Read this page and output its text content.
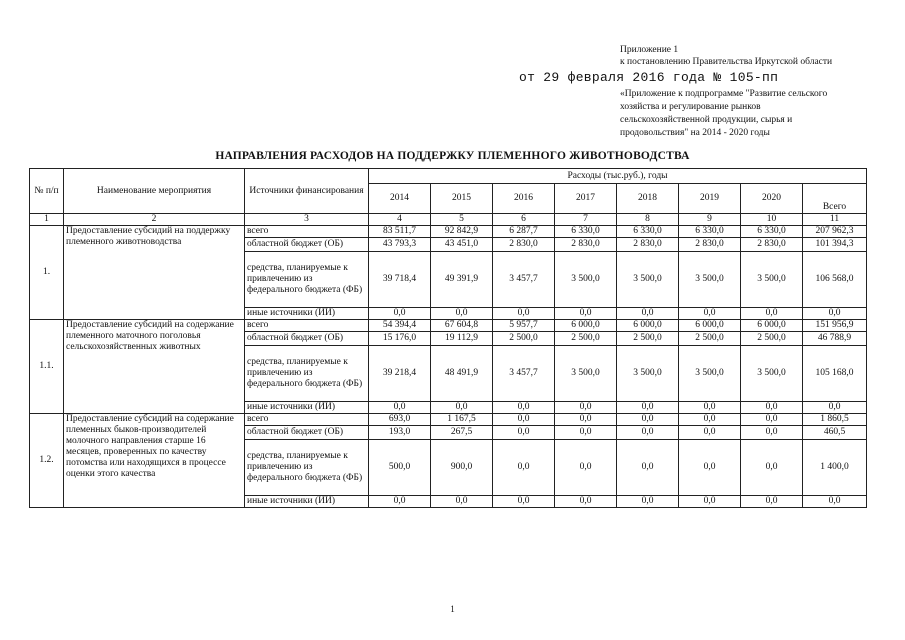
Приложение 1
к постановлению Правительства Иркутской области
от 29 февраля 2016 года № 105-пп
«Приложение к подпрограмме "Развитие сельского
хозяйства и регулирование рынков
сельскохозяйственной продукции, сырья и
продовольствия" на 2014 - 2020 годы
НАПРАВЛЕНИЯ РАСХОДОВ НА ПОДДЕРЖКУ ПЛЕМЕННОГО ЖИВОТНОВОДСТВА
№ п/п	Наименование мероприятия	Источники финансирования	Расходы (тыс.руб.), годы							
			2014	2015	2016	2017	2018	2019	2020	Всего
1	2	3	4	5	6	7	8	9	10	11
1.	Предоставление субсидий на поддержку племенного животноводства	всего	83 511,7	92 842,9	6 287,7	6 330,0	6 330,0	6 330,0	6 330,0	207 962,3
		областной бюджет (ОБ)	43 793,3	43 451,0	2 830,0	2 830,0	2 830,0	2 830,0	2 830,0	101 394,3
		средства, планируемые к привлечению из федерального бюджета (ФБ)	39 718,4	49 391,9	3 457,7	3 500,0	3 500,0	3 500,0	3 500,0	106 568,0
		иные источники (ИИ)	0,0	0,0	0,0	0,0	0,0	0,0	0,0	0,0
1.1.	Предоставление субсидий на содержание племенного маточного поголовья сельскохозяйственных животных	всего	54 394,4	67 604,8	5 957,7	6 000,0	6 000,0	6 000,0	6 000,0	151 956,9
		областной бюджет (ОБ)	15 176,0	19 112,9	2 500,0	2 500,0	2 500,0	2 500,0	2 500,0	46 788,9
		средства, планируемые к привлечению из федерального бюджета (ФБ)	39 218,4	48 491,9	3 457,7	3 500,0	3 500,0	3 500,0	3 500,0	105 168,0
		иные источники (ИИ)	0,0	0,0	0,0	0,0	0,0	0,0	0,0	0,0
1.2.	Предоставление субсидий на содержание племенных быков-производителей молочного направления старше 16 месяцев, проверенных по качеству потомства или находящихся в процессе оценки этого качества	всего	693,0	1 167,5	0,0	0,0	0,0	0,0	0,0	1 860,5
		областной бюджет (ОБ)	193,0	267,5	0,0	0,0	0,0	0,0	0,0	460,5
		средства, планируемые к привлечению из федерального бюджета (ФБ)	500,0	900,0	0,0	0,0	0,0	0,0	0,0	1 400,0
		иные источники (ИИ)	0,0	0,0	0,0	0,0	0,0	0,0	0,0	0,0
1
